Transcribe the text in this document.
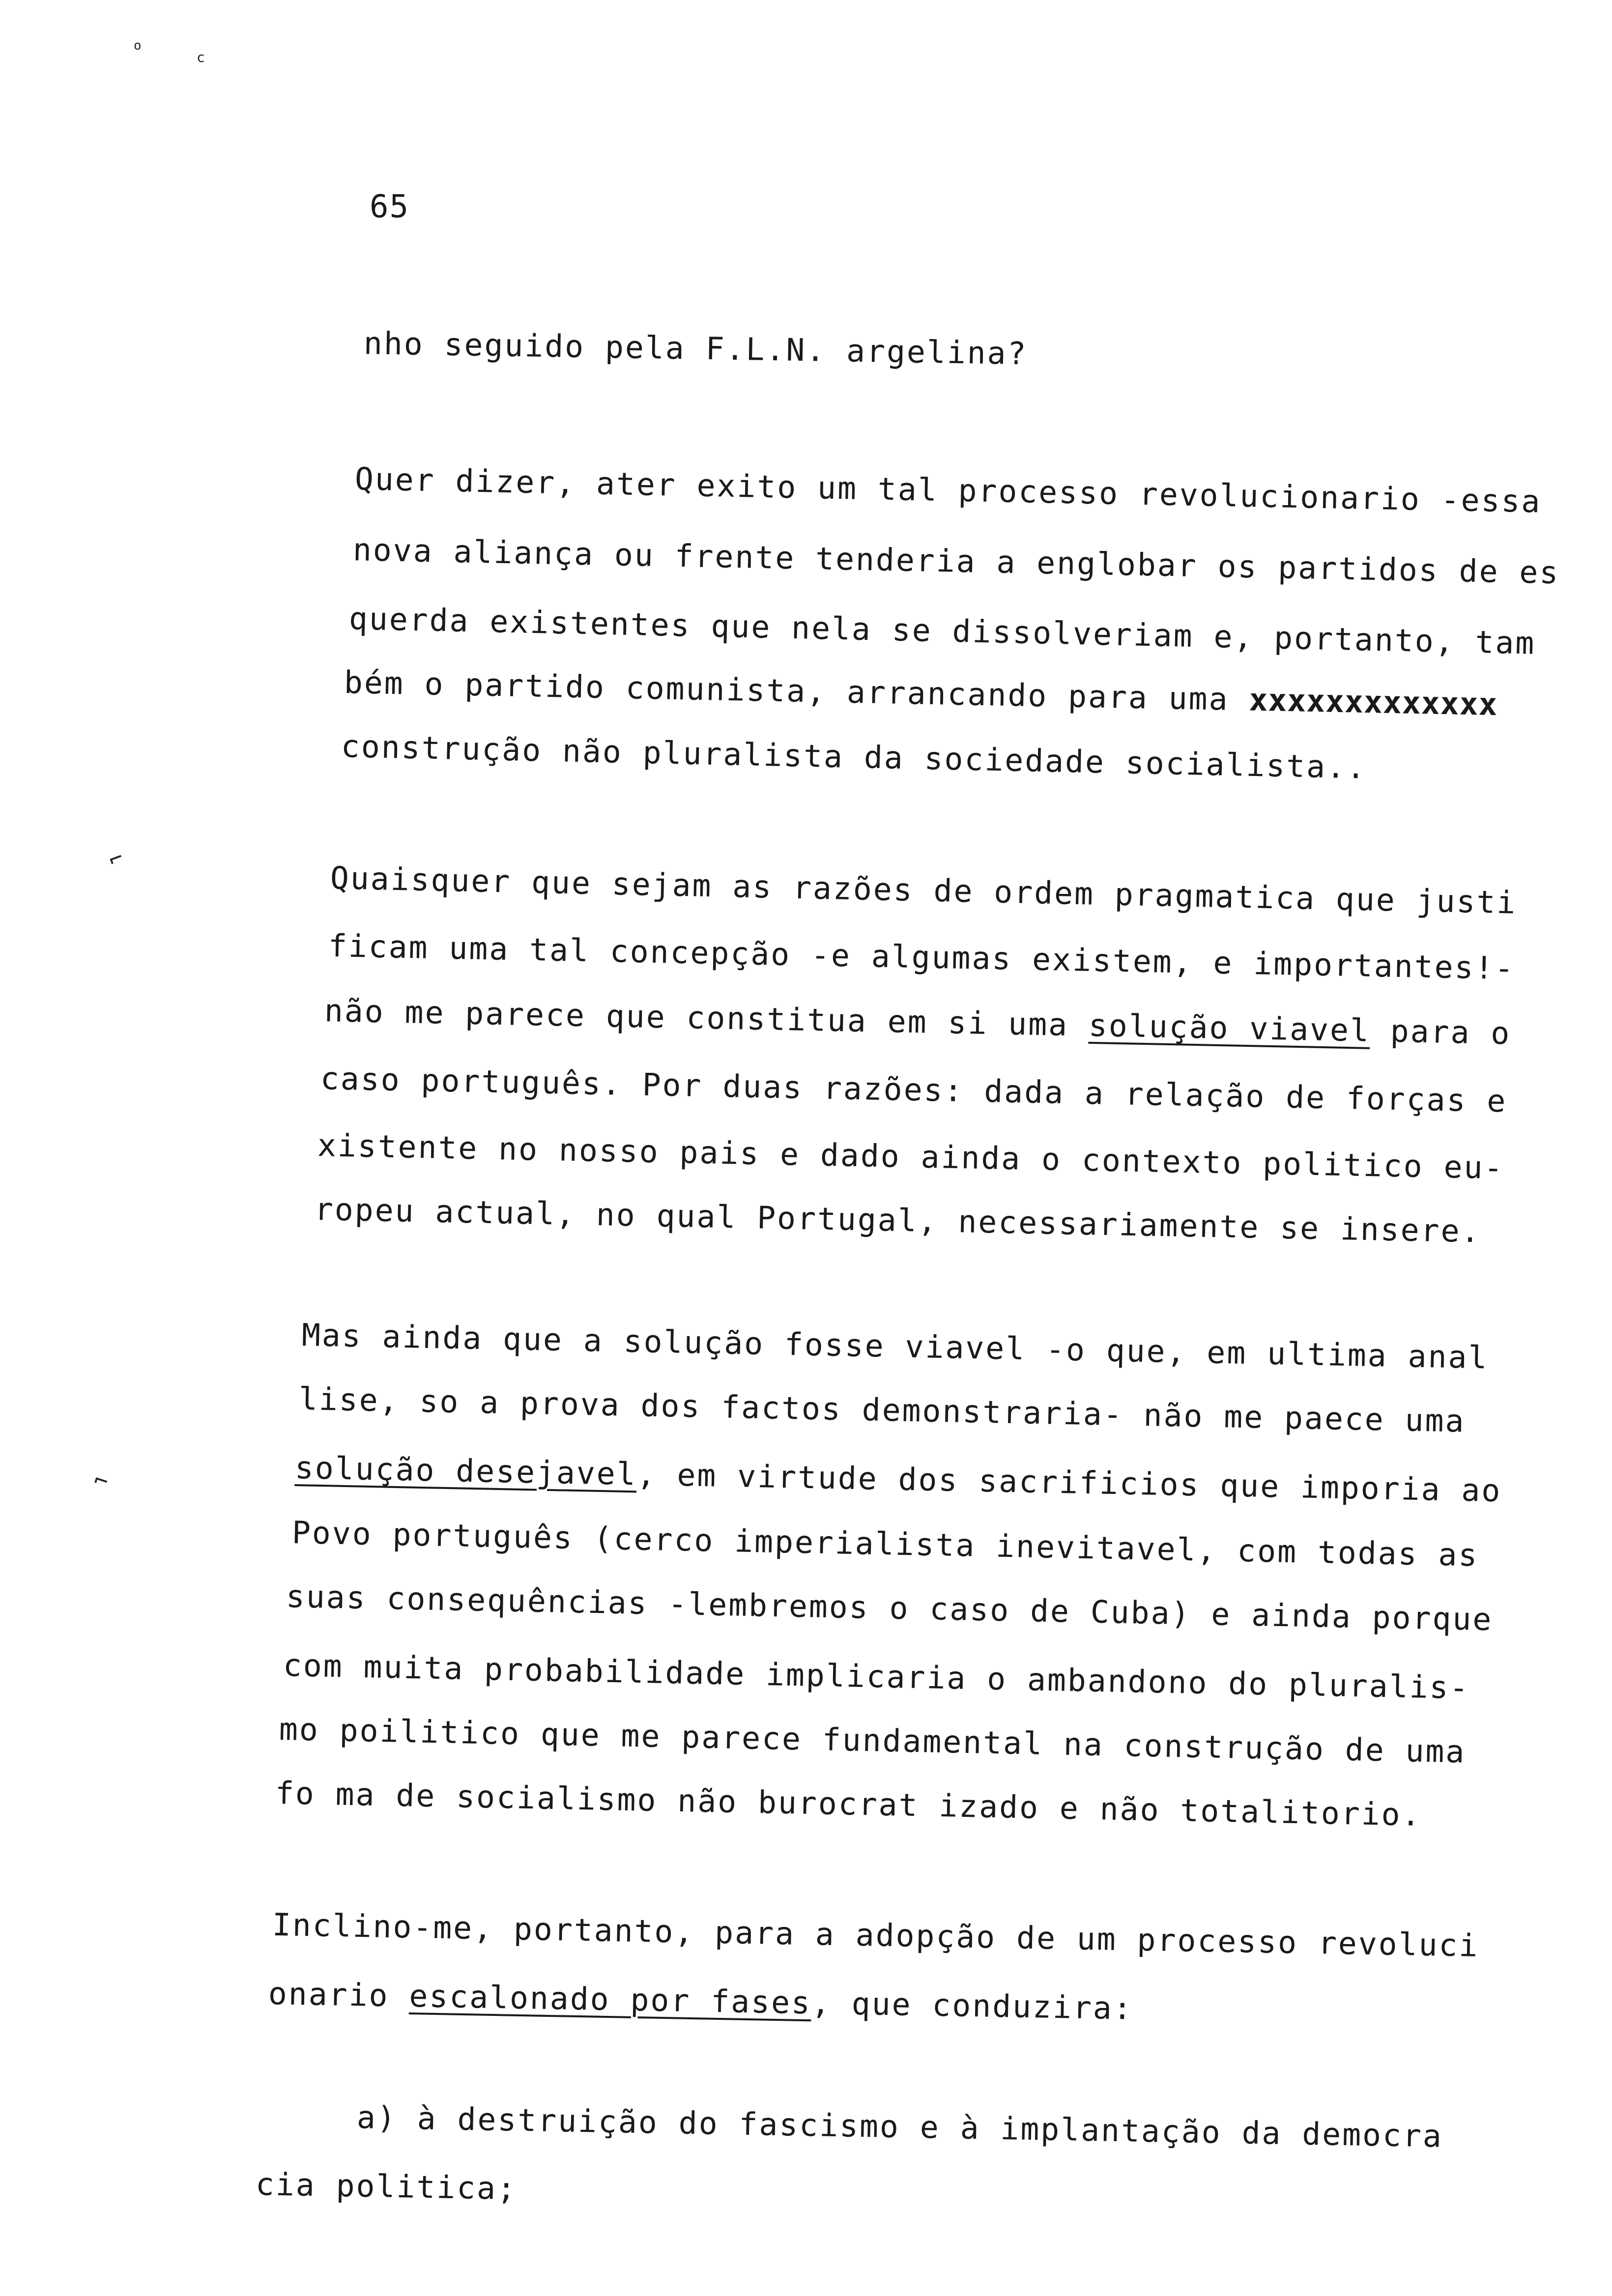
o
c
⌐
⌐
65
nho seguido pela F.L.N. argelina?
Quer dizer, ater exito um tal processo revolucionario -essa
nova aliança ou frente tenderia a englobar os partidos de es
querda existentes que nela se dissolveriam e, portanto, tam
bém o partido comunista, arrancando para uma xxxxxxxxxxxxx
construção não pluralista da sociedade socialista..
Quaisquer que sejam as razões de ordem pragmatica que justi
ficam uma tal concepção -e algumas existem, e importantes!-
não me parece que constitua em si uma solução viavel para o
caso português. Por duas razões: dada a relação de forças e
xistente no nosso pais e dado ainda o contexto politico eu-
ropeu actual, no qual Portugal, necessariamente se insere.
Mas ainda que a solução fosse viavel -o que, em ultima anal
lise, so a prova dos factos demonstraria- não me paece uma
solução desejavel, em virtude dos sacrificios que imporia ao
Povo português (cerco imperialista inevitavel, com todas as
suas consequências -lembremos o caso de Cuba) e ainda porque
com muita probabilidade implicaria o ambandono do pluralis-
mo poilitico que me parece fundamental na construção de uma
fo ma de socialismo não burocrat izado e não totalitorio.
Inclino-me, portanto, para a adopção de um processo revoluci
onario escalonado por fases, que conduzira:
a) à destruição do fascismo e à implantação da democra
cia politica;
